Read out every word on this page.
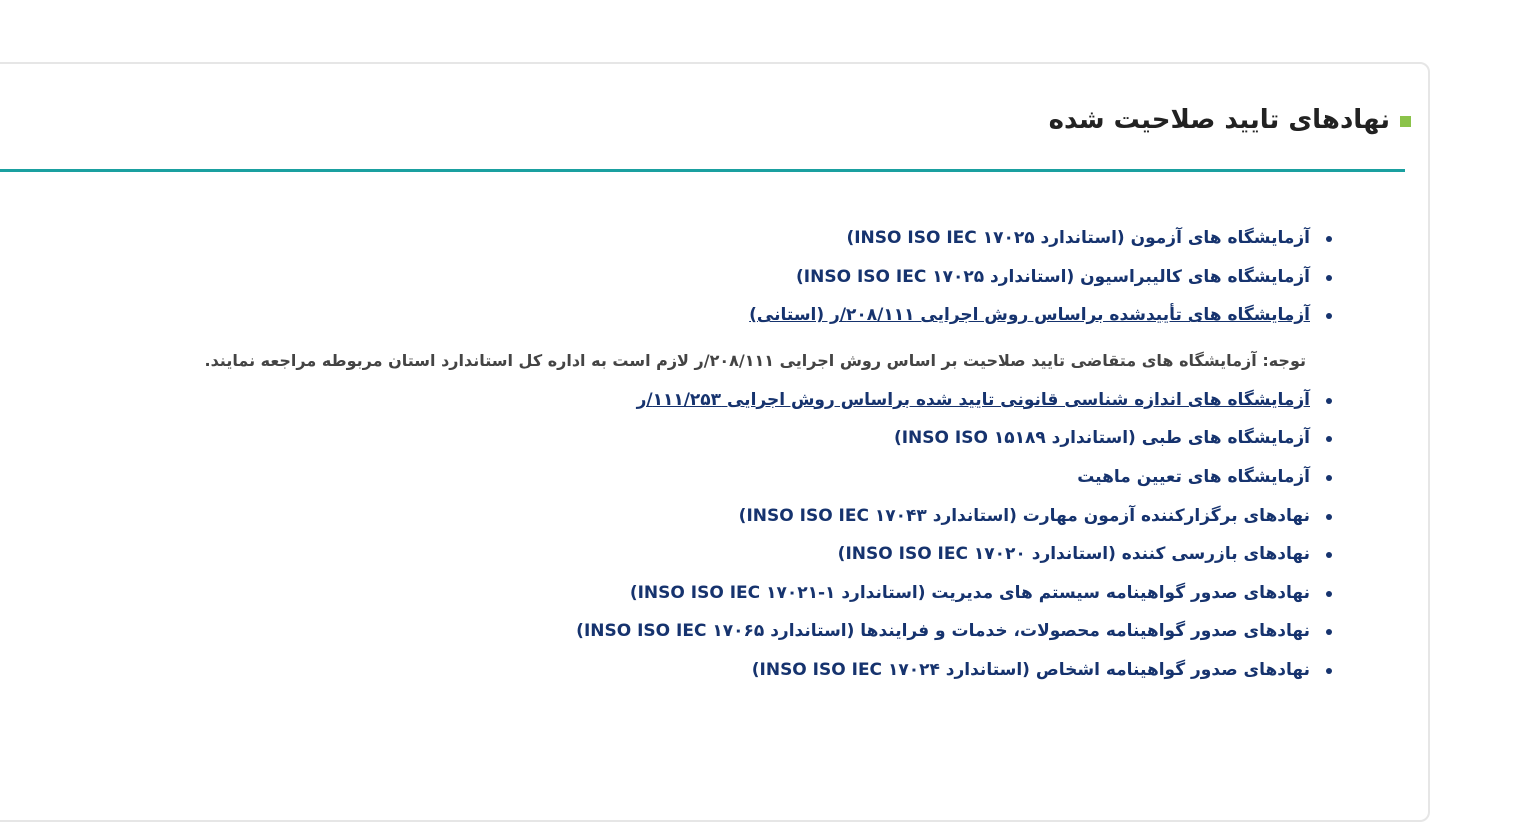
نهادهای تایید صلاحیت شده
آزمایشگاه های آزمون (استاندارد ۱۷۰۲۵ INSO ISO IEC)
آزمایشگاه های کالیبراسیون (استاندارد ۱۷۰۲۵ INSO ISO IEC)
آزمایشگاه های تأییدشده براساس روش اجرایی ۲۰۸/۱۱۱/ر (استانی)
توجه: آزمایشگاه های متقاضی تایید صلاحیت بر اساس روش اجرایی ۲۰۸/۱۱۱/ر لازم است به اداره کل استاندارد استان مربوطه مراجعه نمایند.
آزمایشگاه های اندازه شناسی قانونی تایید شده براساس روش اجرایی ۱۱۱/۲۵۳/ر
آزمایشگاه های طبی (استاندارد ۱۵۱۸۹ INSO ISO)
آزمایشگاه های تعیین ماهیت
نهادهای برگزارکننده آزمون مهارت (استاندارد ۱۷۰۴۳ INSO ISO IEC)
نهادهای بازرسی کننده (استاندارد ۱۷۰۲۰ INSO ISO IEC)
نهادهای صدور گواهینامه سیستم های مدیریت (استاندارد ۱-۱۷۰۲۱ INSO ISO IEC)
نهادهای صدور گواهینامه محصولات، خدمات و فرایندها (استاندارد ۱۷۰۶۵ INSO ISO IEC)
نهادهای صدور گواهینامه اشخاص (استاندارد ۱۷۰۲۴ INSO ISO IEC)
